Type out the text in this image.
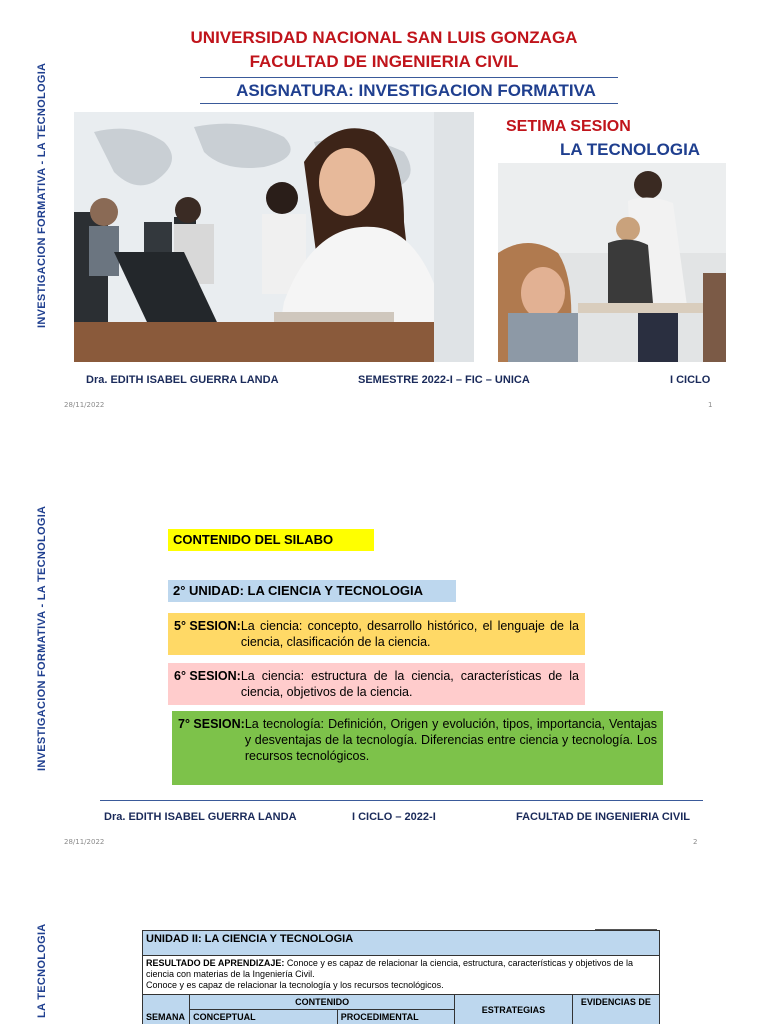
INVESTIGACION FORMATIVA - LA TECNOLOGIA
UNIVERSIDAD NACIONAL SAN LUIS GONZAGA
FACULTAD DE INGENIERIA CIVIL
ASIGNATURA: INVESTIGACION FORMATIVA
SETIMA SESION
LA TECNOLOGIA
Dra. EDITH ISABEL GUERRA LANDA	SEMESTRE 2022-I – FIC – UNICA	I CICLO
28/11/2022	1
INVESTIGACION FORMATIVA - LA TECNOLOGIA	CONTENIDO DEL SILABO
2° UNIDAD: LA CIENCIA Y TECNOLOGIA
5° SESION: La ciencia: concepto, desarrollo histórico, el lenguaje de la ciencia, clasificación de la ciencia.
6° SESION: La ciencia: estructura de la ciencia, características de la ciencia, objetivos de la ciencia.
7° SESION: La tecnología: Definición, Origen y evolución, tipos, importancia, Ventajas y desventajas de la tecnología. Diferencias entre ciencia y tecnología. Los recursos tecnológicos.
Dra. EDITH ISABEL GUERRA LANDA	I CICLO – 2022-I	FACULTAD DE INGENIERIA CIVIL
28/11/2022	2
LA TECNOLOGIA	UNIDAD II: LA CIENCIA Y TECNOLOGIA				
RESULTADO DE APRENDIZAJE: Conoce y es capaz de relacionar la ciencia, estructura, características y objetivos de la ciencia con materias de la Ingeniería Civil.
Conoce y es capaz de relacionar la tecnología y los recursos tecnológicos.				
SEMANA	CONTENIDO		ESTRATEGIAS	EVIDENCIAS DE
	CONCEPTUAL	PROCEDIMENTAL		
